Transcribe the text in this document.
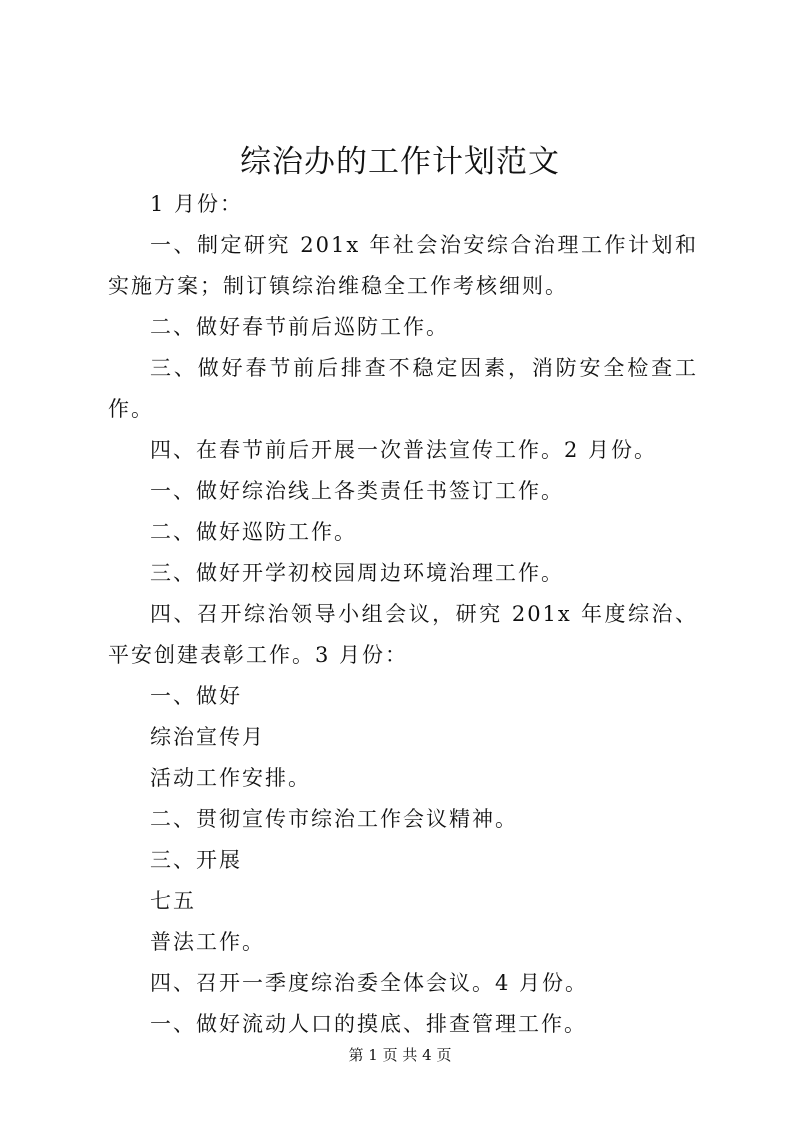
综治办的工作计划范文

1 月份：

一、制定研究 201x 年社会治安综合治理工作计划和实施方案；制订镇综治维稳全工作考核细则。

二、做好春节前后巡防工作。

三、做好春节前后排查不稳定因素，消防安全检查工作。

四、在春节前后开展一次普法宣传工作。2 月份。

一、做好综治线上各类责任书签订工作。

二、做好巡防工作。

三、做好开学初校园周边环境治理工作。

四、召开综治领导小组会议，研究 201x 年度综治、平安创建表彰工作。3 月份：

一、做好

综治宣传月

活动工作安排。

二、贯彻宣传市综治工作会议精神。

三、开展

七五

普法工作。

四、召开一季度综治委全体会议。4 月份。

一、做好流动人口的摸底、排查管理工作。

第 1 页 共 4 页
